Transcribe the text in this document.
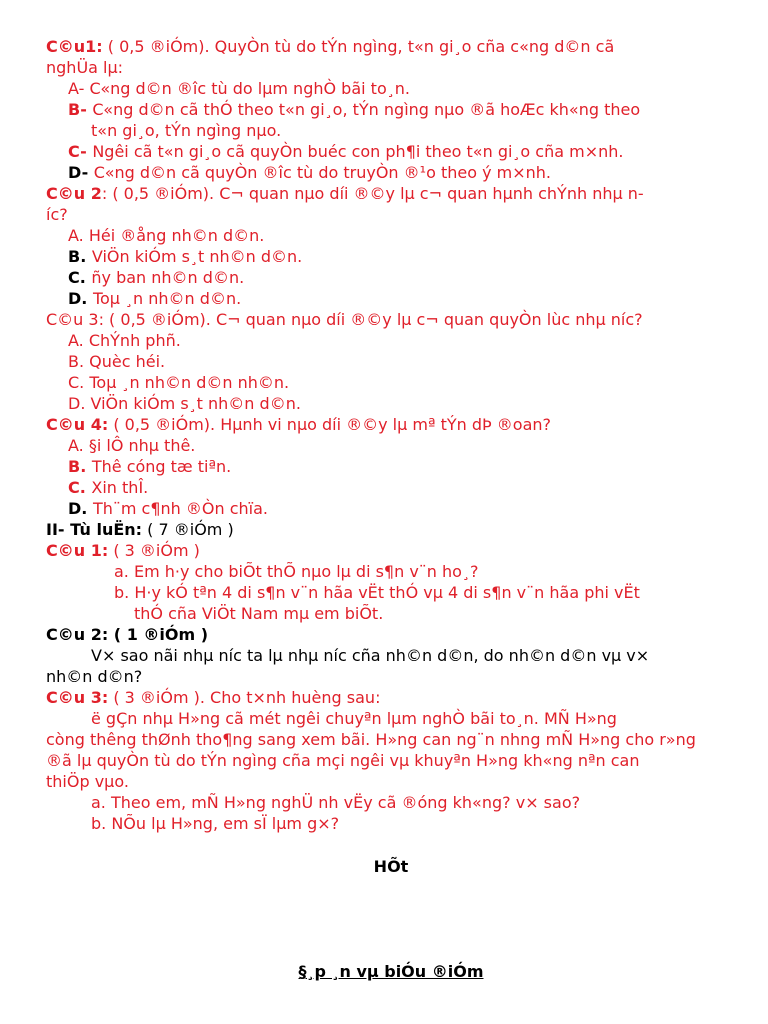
C©u1: ( 0,5 ®iÓm). QuyÒn tù do tÝn ngìng, t«n gi¸o cña c«ng d©n cã
nghÜa lµ:
A- C«ng d©n ®îc tù do lµm nghÒ bãi to¸n.
B- C«ng d©n cã thÓ theo t«n gi¸o, tÝn ngìng nµo ®ã hoÆc kh«ng theo
t«n gi¸o, tÝn ngìng nµo.
C- Ngêi cã t«n gi¸o cã quyÒn buéc con ph¶i theo t«n gi¸o cña m×nh.
D- C«ng d©n cã quyÒn ®îc tù do truyÒn ®¹o theo ý m×nh.
C©u 2: ( 0,5 ®iÓm). C¬ quan nµo díi ®©y lµ c¬ quan hµnh chÝnh nhµ n-
íc?
A. Héi ®ång nh©n d©n.
B. ViÖn kiÓm s¸t nh©n d©n.
C. ñy ban nh©n d©n.
D. Toµ ¸n nh©n d©n.
C©u 3: ( 0,5 ®iÓm). C¬ quan nµo díi ®©y lµ c¬ quan quyÒn lùc nhµ níc?
A. ChÝnh phñ.
B. Quèc héi.
C. Toµ ¸n nh©n d©n nh©n.
D. ViÖn kiÓm s¸t nh©n d©n.
C©u 4: ( 0,5 ®iÓm). Hµnh vi nµo díi ®©y lµ mª tÝn dÞ ®oan?
A. §i lÔ nhµ thê.
B. Thê cóng tæ tiªn.
C. Xin thÎ.
D. Th¨m c¶nh ®Òn chïa.
II- Tù luËn: ( 7 ®iÓm )
C©u 1: ( 3 ®iÓm )
a. Em h·y cho biÕt thÕ nµo lµ di s¶n v¨n ho¸?
b. H·y kÓ tªn 4 di s¶n v¨n hãa vËt thÓ vµ 4 di s¶n v¨n hãa phi vËt
thÓ cña ViÖt Nam mµ em biÕt.
C©u 2: ( 1 ®iÓm )
V× sao nãi nhµ níc ta lµ nhµ níc cña nh©n d©n, do nh©n d©n vµ v×
nh©n d©n?
C©u 3: ( 3 ®iÓm ). Cho t×nh huèng sau:
ë gÇn nhµ H»ng cã mét ngêi chuyªn lµm nghÒ bãi to¸n. MÑ H»ng
còng thêng thØnh tho¶ng sang xem bãi. H»ng can ng¨n nhng mÑ H»ng cho r»ng
®ã lµ quyÒn tù do tÝn ngìng cña mçi ngêi vµ khuyªn H»ng kh«ng nªn can
thiÖp vµo.
a. Theo em, mÑ H»ng nghÜ nh vËy cã ®óng kh«ng? v× sao?
b. NÕu lµ H»ng, em sÏ lµm g×?
HÕt
§¸p ¸n vµ biÓu ®iÓm
